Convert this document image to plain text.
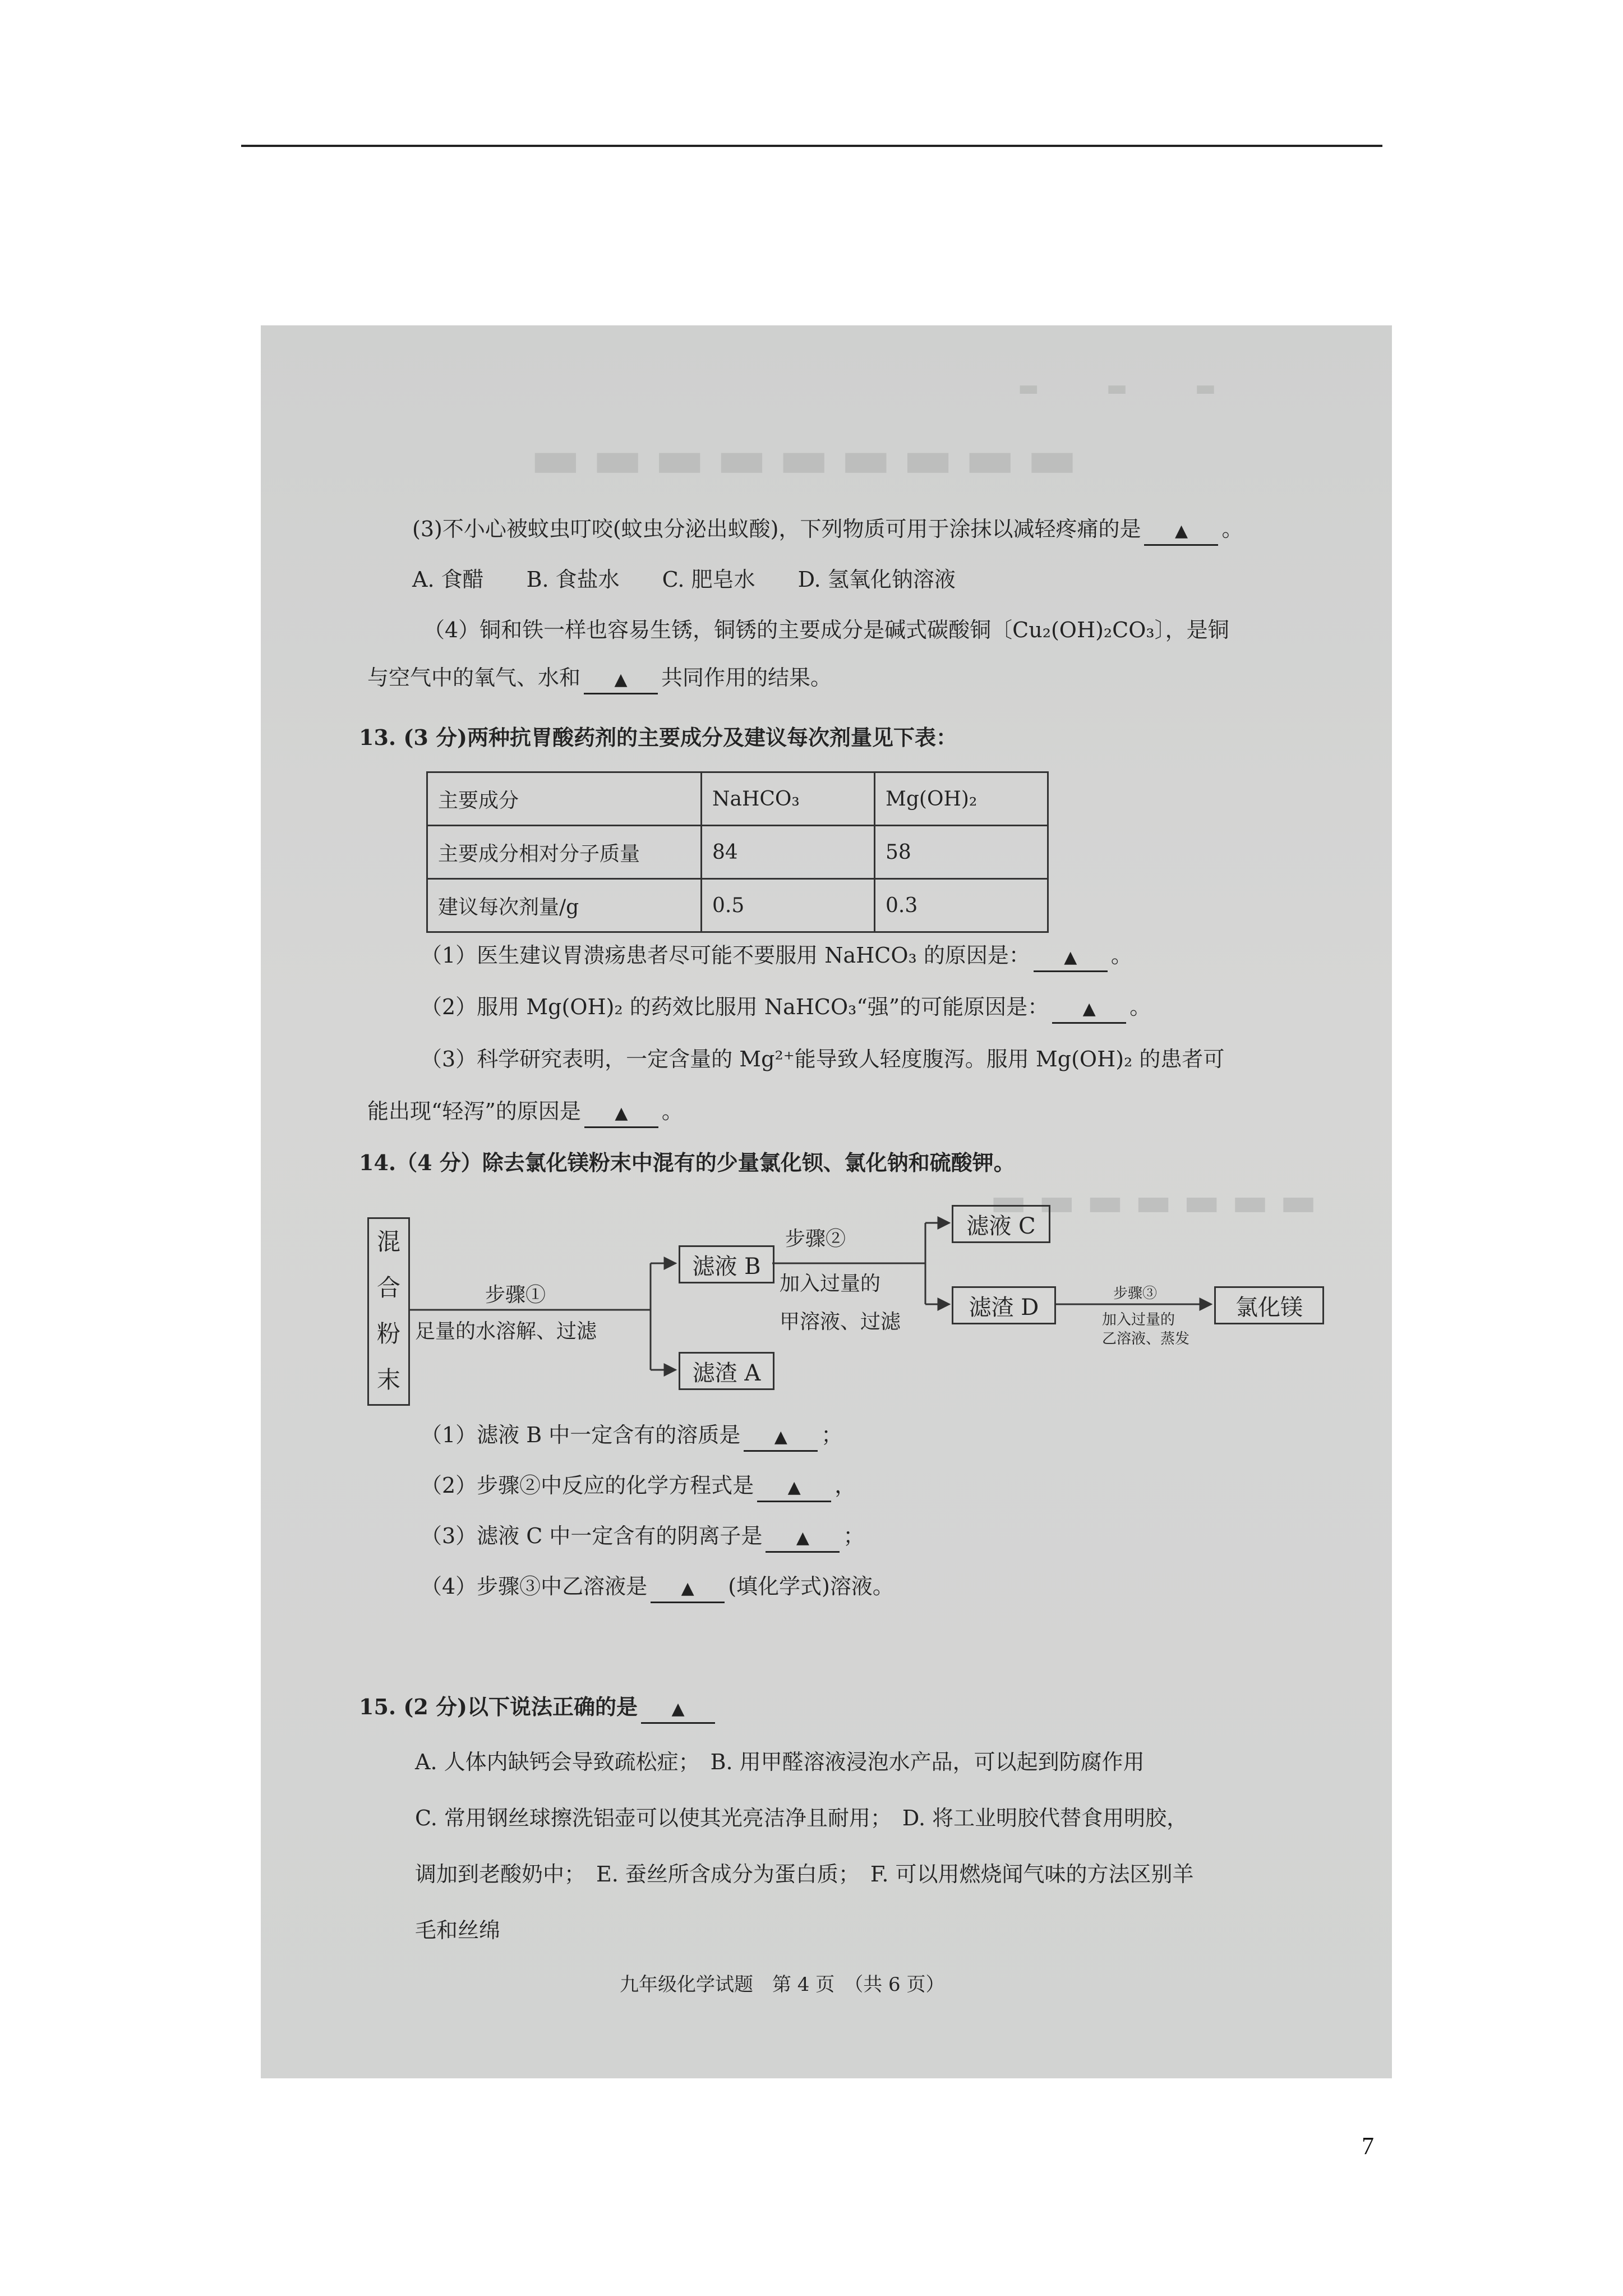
▬　　　▬　　　▬
▬▬▬▬▬▬▬▬▬
▬▬▬▬▬▬▬
(3)不小心被蚊虫叮咬(蚊虫分泌出蚁酸)，下列物质可用于涂抹以减轻疼痛的是 ▲ 。
A. 食醋　　B. 食盐水　　C. 肥皂水　　D. 氢氧化钠溶液
（4）铜和铁一样也容易生锈，铜锈的主要成分是碱式碳酸铜〔Cu₂(OH)₂CO₃〕，是铜
与空气中的氧气、水和 ▲ 共同作用的结果。
13. (3 分)两种抗胃酸药剂的主要成分及建议每次剂量见下表：
主要成分	NaHCO₃	Mg(OH)₂
主要成分相对分子质量	84	58
建议每次剂量/g	0.5	0.3
（1）医生建议胃溃疡患者尽可能不要服用 NaHCO₃ 的原因是： ▲ 。
（2）服用 Mg(OH)₂ 的药效比服用 NaHCO₃“强”的可能原因是： ▲ 。
（3）科学研究表明，一定含量的 Mg²⁺能导致人轻度腹泻。服用 Mg(OH)₂ 的患者可
能出现“轻泻”的原因是 ▲ 。
14.（4 分）除去氯化镁粉末中混有的少量氯化钡、氯化钠和硫酸钾。
混合粉末
步骤①
足量的水溶解、过滤
滤液 B
滤渣 A
步骤②
加入过量的
甲溶液、过滤
滤液 C
滤渣 D
步骤③
加入过量的
乙溶液、蒸发
氯化镁
（1）滤液 B 中一定含有的溶质是 ▲ ；
（2）步骤②中反应的化学方程式是 ▲ ，
（3）滤液 C 中一定含有的阴离子是 ▲ ；
（4）步骤③中乙溶液是 ▲ (填化学式)溶液。
15. (2 分)以下说法正确的是 ▲
A. 人体内缺钙会导致疏松症；　B. 用甲醛溶液浸泡水产品，可以起到防腐作用
C. 常用钢丝球擦洗铝壶可以使其光亮洁净且耐用；　D. 将工业明胶代替食用明胶，
调加到老酸奶中；　E. 蚕丝所含成分为蛋白质；　F. 可以用燃烧闻气味的方法区别羊
毛和丝绵
九年级化学试题　第 4 页　（共 6 页）
7
